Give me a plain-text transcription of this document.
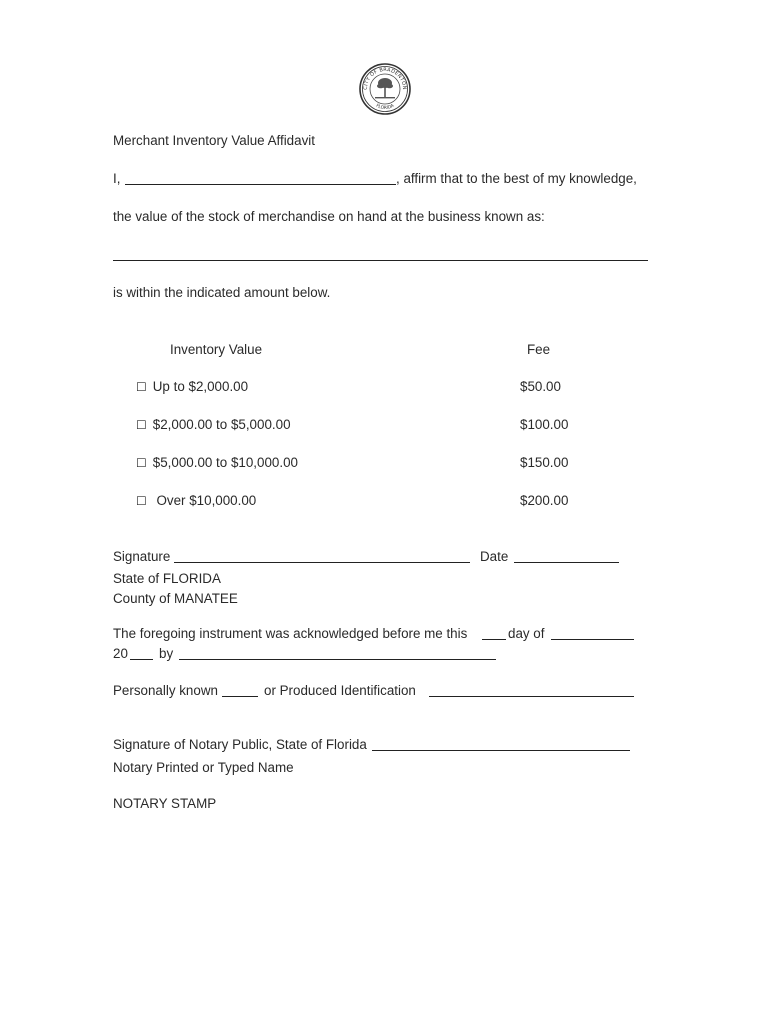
CITY OF BRADENTON
FLORIDA
Merchant Inventory Value Affidavit
I,	, affirm that to the best of my knowledge,
the value of the stock of merchandise on hand at the business known as:
is within the indicated amount below.
Inventory Value	Fee
☐ Up to $2,000.00	$50.00
☐ $2,000.00 to $5,000.00	$100.00
☐ $5,000.00 to $10,000.00	$150.00
☐ Over $10,000.00	$200.00
Signature	Date
State of FLORIDA
County of MANATEE
The foregoing instrument was acknowledged before me this	day of
20 by
Personally known	or Produced Identification
Signature of Notary Public, State of Florida
Notary Printed or Typed Name
NOTARY STAMP
